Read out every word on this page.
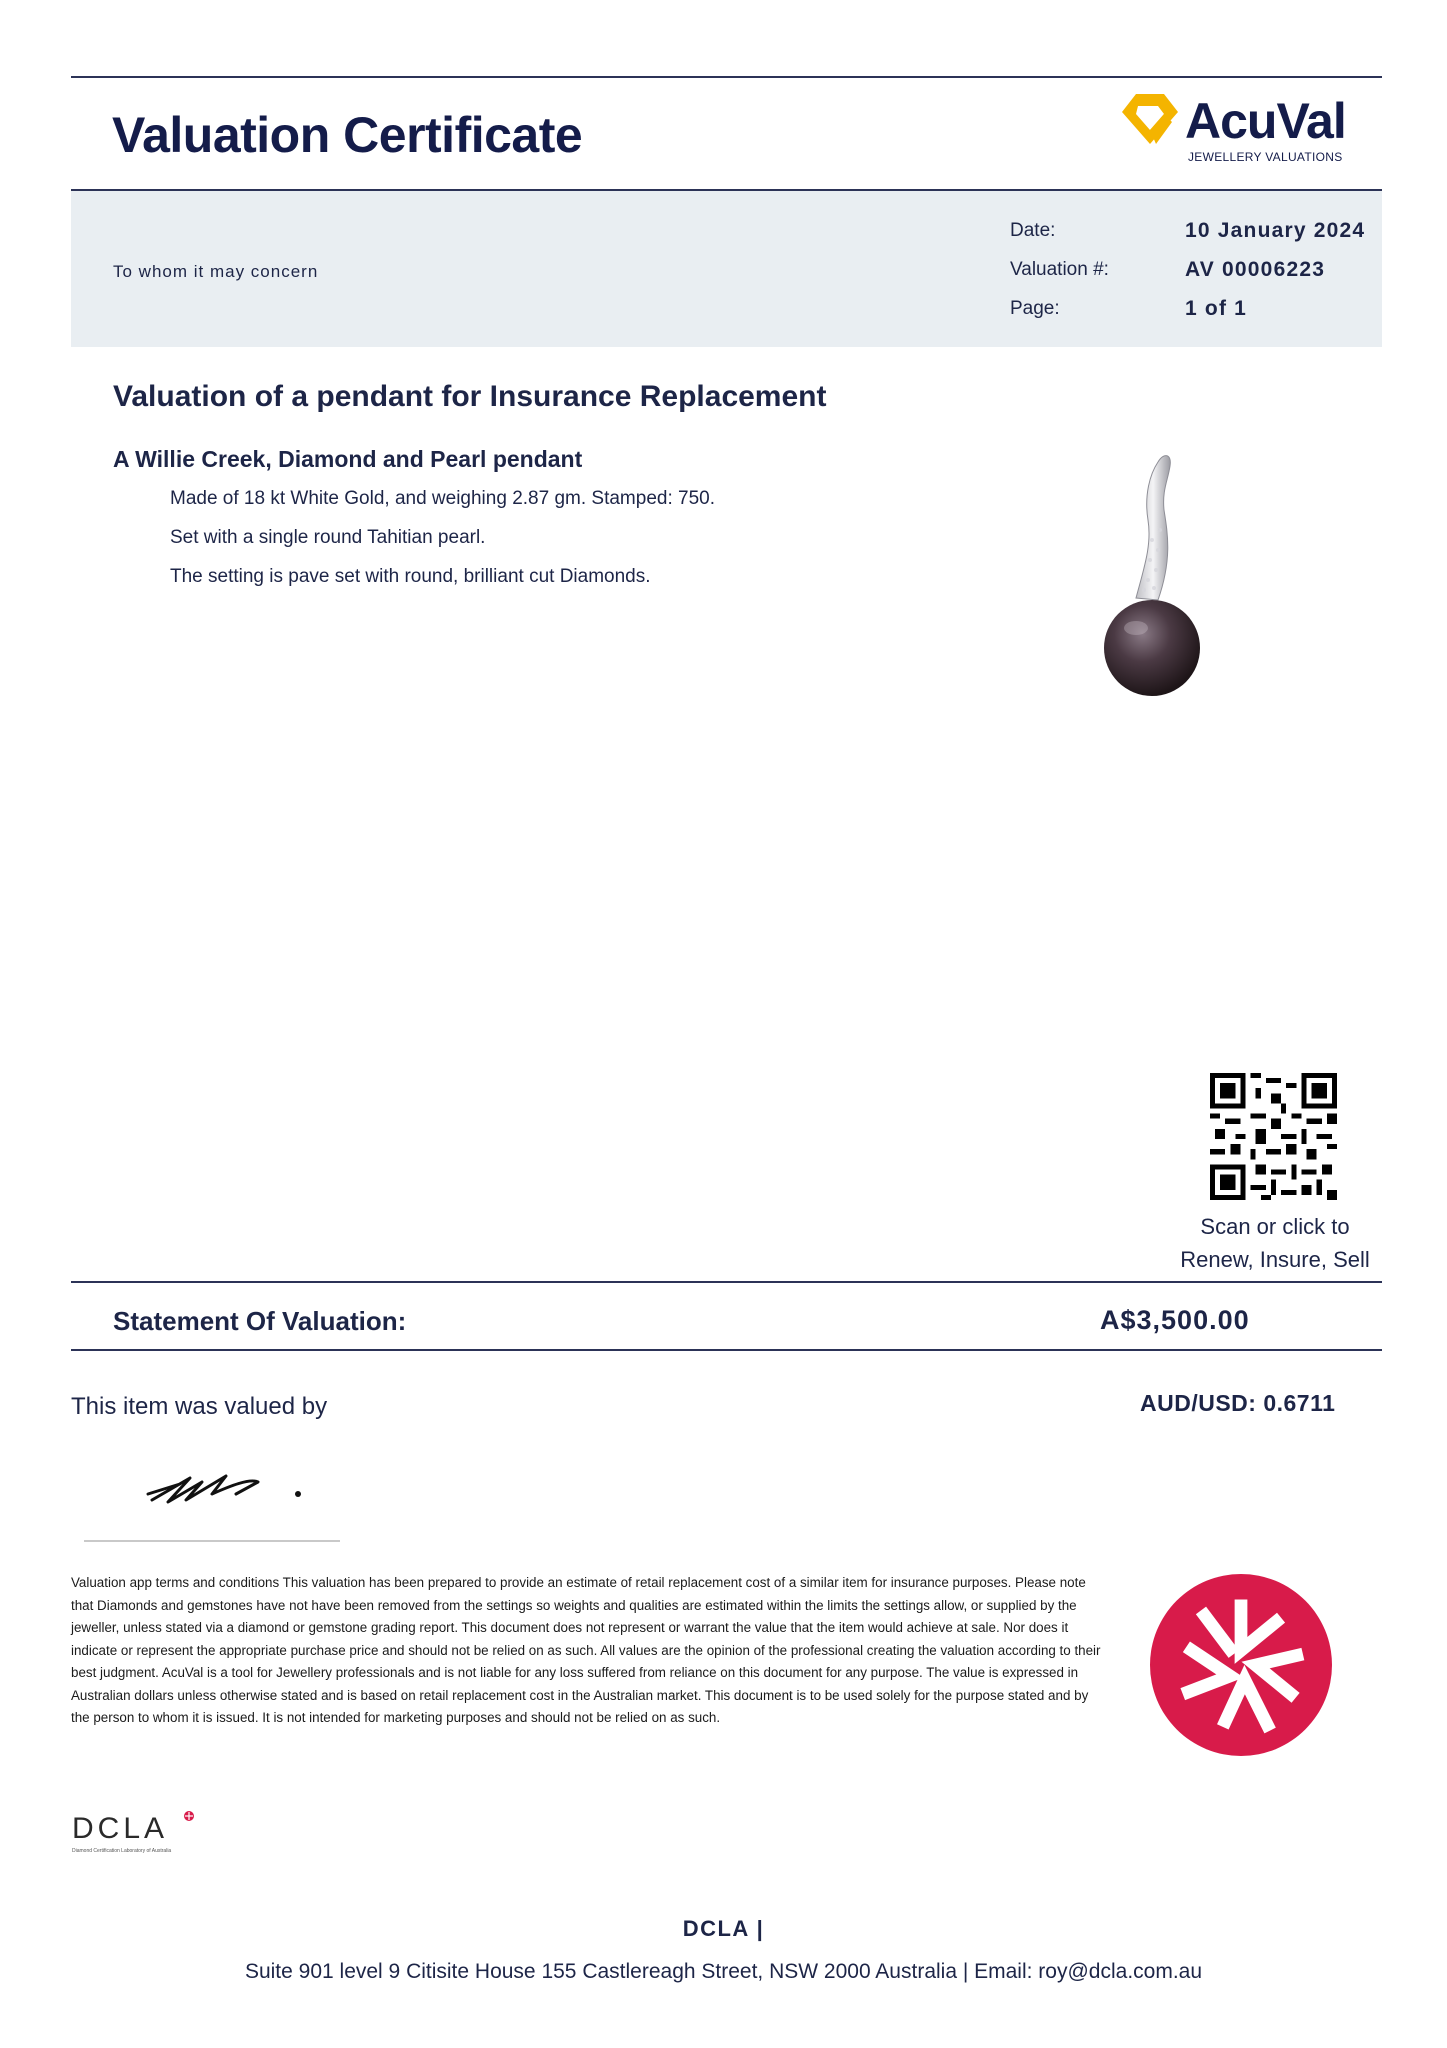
Valuation Certificate	AcuVal
JEWELLERY VALUATIONS
To whom it may concern
Date:	10 January 2024
Valuation #:	AV 00006223
Page:	1 of 1
Valuation of a pendant for Insurance Replacement
A Willie Creek, Diamond and Pearl pendant
Made of 18 kt White Gold, and weighing 2.87 gm. Stamped: 750.
Set with a single round Tahitian pearl.
The setting is pave set with round, brilliant cut Diamonds.
Scan or click to
Renew, Insure, Sell
Statement Of Valuation:	A$3,500.00
This item was valued by	AUD/USD: 0.6711
Valuation app terms and conditions This valuation has been prepared to provide an estimate of retail replacement cost of a similar item for insurance purposes. Please note that Diamonds and gemstones have not have been removed from the settings so weights and qualities are estimated within the limits the settings allow, or supplied by the jeweller, unless stated via a diamond or gemstone grading report. This document does not represent or warrant the value that the item would achieve at sale. Nor does it indicate or represent the appropriate purchase price and should not be relied on as such. All values are the opinion of the professional creating the valuation according to their best judgment. AcuVal is a tool for Jewellery professionals and is not liable for any loss suffered from reliance on this document for any purpose. The value is expressed in Australian dollars unless otherwise stated and is based on retail replacement cost in the Australian market. This document is to be used solely for the purpose stated and by the person to whom it is issued. It is not intended for marketing purposes and should not be relied on as such.
DCLA
Diamond Certification Laboratory of Australia
DCLA |
Suite 901 level 9 Citisite House 155 Castlereagh Street, NSW 2000 Australia | Email: roy@dcla.com.au
